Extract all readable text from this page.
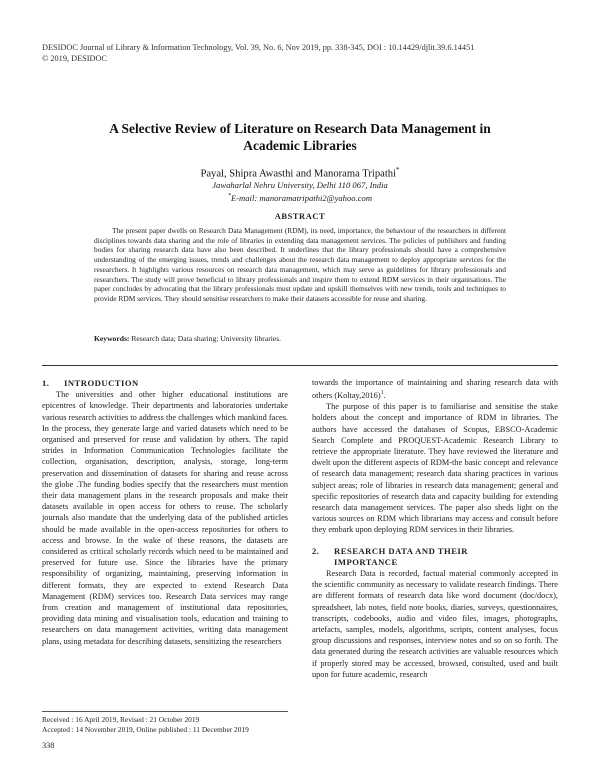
DESIDOC Journal of Library & Information Technology, Vol. 39, No. 6, Nov 2019, pp. 338-345, DOI : 10.14429/djlit.39.6.14451
© 2019, DESIDOC
A Selective Review of Literature on Research Data Management in
Academic Libraries
Payal, Shipra Awasthi and Manorama Tripathi*
Jawaharlal Nehru University, Delhi 110 067, India
*E-mail: manoramatripathi2@yahoo.com
ABSTRACT

The present paper dwells on Research Data Management (RDM), its need, importance, the behaviour of the researchers in different disciplines towards data sharing and the role of libraries in extending data management services. The policies of publishers and funding bodies for sharing research data have also been described. It underlines that the library professionals should have a comprehensive understanding of the emerging issues, trends and challenges about the research data management to deploy appropriate services for the researchers. It highlights various resources on research data management, which may serve as guidelines for library professionals and researchers. The study will prove beneficial to library professionals and inspire them to extend RDM services in their organisations. The paper concludes by advocating that the library professionals must update and upskill themselves with new trends, tools and techniques to provide RDM services. They should sensitise researchers to make their datasets accessible for reuse and sharing.

Keywords: Research data; Data sharing; University libraries.
1.	INTRODUCTION

The universities and other higher educational institutions are epicentres of knowledge. Their departments and laboratories undertake various research activities to address the challenges which mankind faces. In the process, they generate large and varied datasets which need to be organised and preserved for reuse and validation by others. The rapid strides in Information Communication Technologies facilitate the collection, organisation, description, analysis, storage, long-term preservation and dissemination of datasets for sharing and reuse across the globe .The funding bodies specify that the researchers must mention their data management plans in the research proposals and make their datasets available in open access for others to reuse. The scholarly journals also mandate that the underlying data of the published articles should be made available in the open-access repositories for others to access and browse. In the wake of these reasons, the datasets are considered as critical scholarly records which need to be maintained and preserved for future use. Since the libraries have the primary responsibility of organizing, maintaining, preserving information in different formats, they are expected to extend Research Data Management (RDM) services too. Research Data services may range from creation and management of institutional data repositories, providing data mining and visualisation tools, education and training to researchers on data management activities, writing data management plans, using metadata for describing datasets, sensitizing the researchers

towards the importance of maintaining and sharing research data with others (Koltay,2016)$^1$.

The purpose of this paper is to familiarise and sensitise the stake holders about the concept and importance of RDM in libraries. The authors have accessed the databases of Scopus, EBSCO-Academic Search Complete and PROQUEST-Academic Research Library to retrieve the appropriate literature. They have reviewed the literature and dwelt upon the different aspects of RDM-the basic concept and relevance of research data management; research data sharing practices in various subject areas; role of libraries in research data management; general and specific repositories of research data and capacity building for extending research data management services. The paper also sheds light on the various sources on RDM which librarians may access and consult before they embark upon deploying RDM services in their libraries.

2.	RESEARCH DATA AND THEIR
IMPORTANCE

Research Data is recorded, factual material commonly accepted in the scientific community as necessary to validate research findings. There are different formats of research data like word document (doc/docx), spreadsheet, lab notes, field note books, diaries, surveys, questionnaires, transcripts, codebooks, audio and video files, images, photographs, artefacts, samples, models, algorithms, scripts, content analyses, focus group discussions and responses, interview notes and so on so forth. The data generated during the research activities are valuable resources which if properly stored may be accessed, browsed, consulted, used and built upon for future academic, research

Received : 16 April 2019, Revised : 21 October 2019
Accepted : 14 November 2019, Online published : 11 December 2019
338
